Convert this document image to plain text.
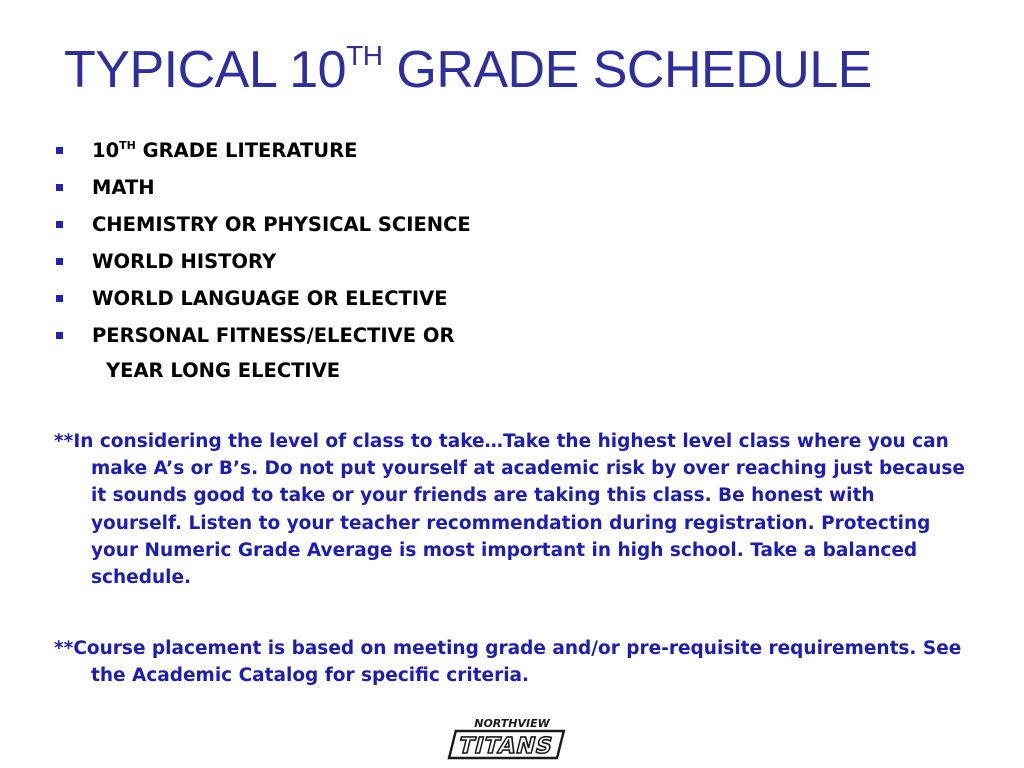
TYPICAL 10TH GRADE SCHEDULE
10TH GRADE LITERATURE
MATH
CHEMISTRY OR PHYSICAL SCIENCE
WORLD HISTORY
WORLD LANGUAGE OR ELECTIVE
PERSONAL FITNESS/ELECTIVE OR
YEAR LONG ELECTIVE

**In considering the level of class to take…Take the highest level class where you can make A’s or B’s. Do not put yourself at academic risk by over reaching just because it sounds good to take or your friends are taking this class. Be honest with yourself. Listen to your teacher recommendation during registration. Protecting your Numeric Grade Average is most important in high school. Take a balanced schedule.

**Course placement is based on meeting grade and/or pre-requisite requirements. See the Academic Catalog for specific criteria.

NORTHVIEW
TITANS
